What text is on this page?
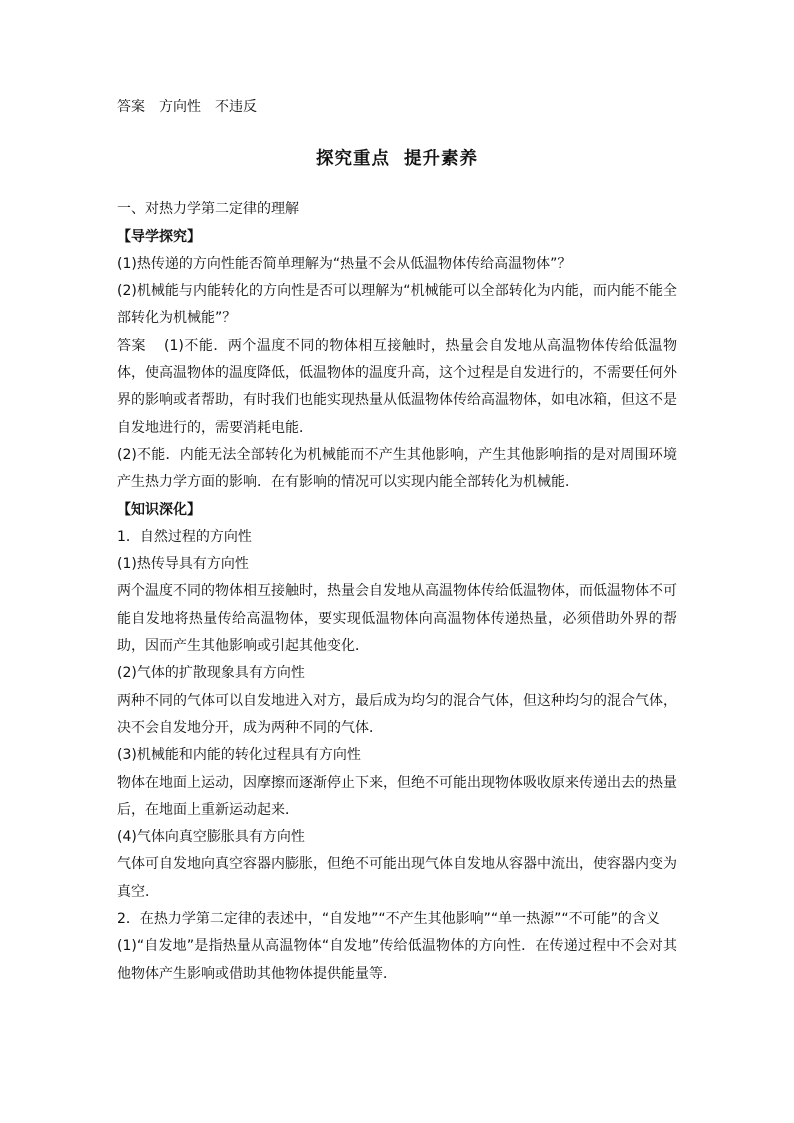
答案 方向性 不违反
探究重点 提升素养
一、对热力学第二定律的理解
【导学探究】
(1)热传递的方向性能否简单理解为“热量不会从低温物体传给高温物体”？
(2)机械能与内能转化的方向性是否可以理解为“机械能可以全部转化为内能，而内能不能全部转化为机械能”？
答案 (1)不能．两个温度不同的物体相互接触时，热量会自发地从高温物体传给低温物体，使高温物体的温度降低，低温物体的温度升高，这个过程是自发进行的，不需要任何外界的影响或者帮助，有时我们也能实现热量从低温物体传给高温物体，如电冰箱，但这不是自发地进行的，需要消耗电能．
(2)不能．内能无法全部转化为机械能而不产生其他影响，产生其他影响指的是对周围环境产生热力学方面的影响．在有影响的情况可以实现内能全部转化为机械能．
【知识深化】
1．自然过程的方向性
(1)热传导具有方向性
两个温度不同的物体相互接触时，热量会自发地从高温物体传给低温物体，而低温物体不可能自发地将热量传给高温物体，要实现低温物体向高温物体传递热量，必须借助外界的帮助，因而产生其他影响或引起其他变化．
(2)气体的扩散现象具有方向性
两种不同的气体可以自发地进入对方，最后成为均匀的混合气体，但这种均匀的混合气体，决不会自发地分开，成为两种不同的气体．
(3)机械能和内能的转化过程具有方向性
物体在地面上运动，因摩擦而逐渐停止下来，但绝不可能出现物体吸收原来传递出去的热量后，在地面上重新运动起来．
(4)气体向真空膨胀具有方向性
气体可自发地向真空容器内膨胀，但绝不可能出现气体自发地从容器中流出，使容器内变为真空．
2．在热力学第二定律的表述中，“自发地”“不产生其他影响”“单一热源”“不可能”的含义
(1)“自发地”是指热量从高温物体“自发地”传给低温物体的方向性．在传递过程中不会对其他物体产生影响或借助其他物体提供能量等．
